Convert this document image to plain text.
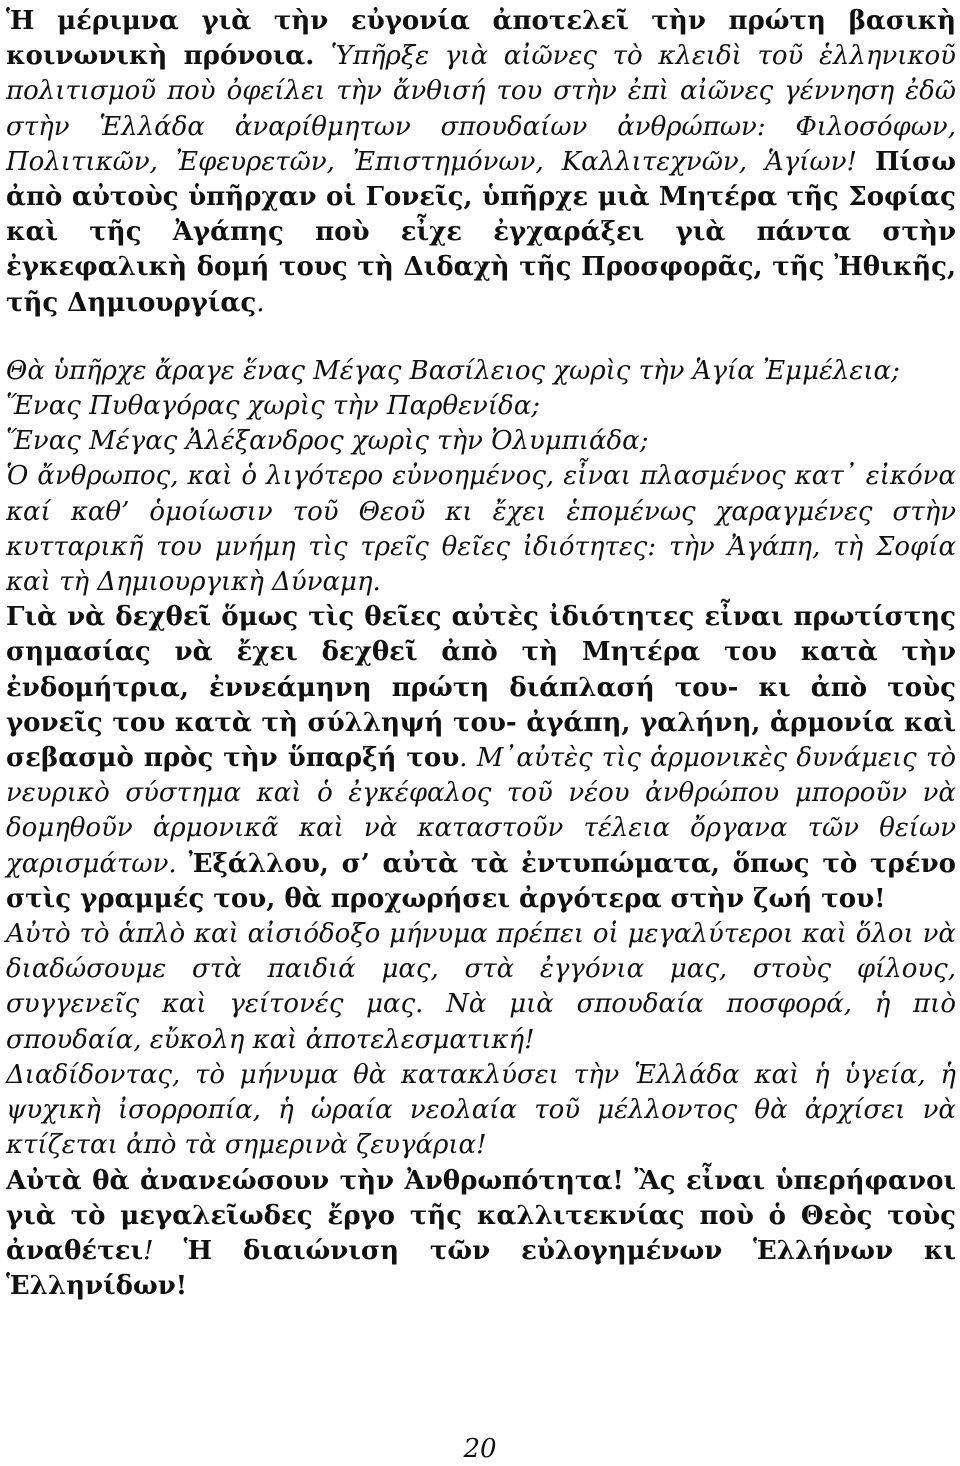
Ἡ μέριμνα γιὰ τὴν εὐγονία ἀποτελεῖ τὴν πρώτη βασικὴ κοινωνικὴ πρόνοια. Ὑπῆρξε γιὰ αἰῶνες τὸ κλειδὶ τοῦ ἑλληνικοῦ πολιτισμοῦ ποὺ ὀφείλει τὴν ἄνθισή του στὴν ἐπὶ αἰῶνες γέννηση ἐδῶ στὴν Ἑλλάδα ἀναρίθμητων σπουδαίων ἀνθρώπων: Φιλοσόφων, Πολιτικῶν, Ἐφευρετῶν, Ἐπιστημόνων, Καλλιτεχνῶν, Ἁγίων! Πίσω ἀπὸ αὐτοὺς ὑπῆρχαν οἱ Γονεῖς, ὑπῆρχε μιὰ Μητέρα τῆς Σοφίας καὶ τῆς Ἀγάπης ποὺ εἶχε ἐγχαράξει γιὰ πάντα στὴν ἐγκεφαλικὴ δομή τους τὴ Διδαχὴ τῆς Προσφορᾶς, τῆς Ἠθικῆς, τῆς Δημιουργίας.

Θὰ ὑπῆρχε ἄραγε ἕνας Μέγας Βασίλειος χωρὶς τὴν Ἁγία Ἐμμέλεια;

Ἕνας Πυθαγόρας χωρὶς τὴν Παρθενίδα;

Ἕνας Μέγας Ἀλέξανδρος χωρὶς τὴν Ὀλυμπιάδα;

Ὁ ἄνθρωπος, καὶ ὁ λιγότερο εὐνοημένος, εἶναι πλασμένος κατ᾽ εἰκόνα καί καθ’ ὁμοίωσιν τοῦ Θεοῦ κι ἔχει ἑπομένως χαραγμένες στὴν κυτταρικῆ του μνήμη τὶς τρεῖς θεῖες ἰδιότητες: τὴν Ἀγάπη, τὴ Σοφία καὶ τὴ Δημιουργικὴ Δύναμη.

Γιὰ νὰ δεχθεῖ ὅμως τὶς θεῖες αὐτὲς ἰδιότητες εἶναι πρωτίστης σημασίας νὰ ἔχει δεχθεῖ ἀπὸ τὴ Μητέρα του κατὰ τὴν ἐνδομήτρια, ἐννεάμηνη πρώτη διάπλασή του- κι ἀπὸ τοὺς γονεῖς του κατὰ τὴ σύλληψή του- ἀγάπη, γαλήνη, ἁρμονία καὶ σεβασμὸ πρὸς τὴν ὕπαρξή του. Μ᾽αὐτὲς τὶς ἁρμονικὲς δυνάμεις τὸ νευρικὸ σύστημα καὶ ὁ ἐγκέφαλος τοῦ νέου ἀνθρώπου μποροῦν νὰ δομηθοῦν ἁρμονικᾶ καὶ νὰ καταστοῦν τέλεια ὄργανα τῶν θείων χαρισμάτων. Ἐξάλλου, σ’ αὐτὰ τὰ ἐντυπώματα, ὅπως τὸ τρένο στὶς γραμμές του, θὰ προχωρήσει ἀργότερα στὴν ζωή του!

Αὐτὸ τὸ ἁπλὸ καὶ αἰσιόδοξο μήνυμα πρέπει οἱ μεγαλύτεροι καὶ ὅλοι νὰ διαδώσουμε στὰ παιδιά μας, στὰ ἐγγόνια μας, στοὺς φίλους, συγγενεῖς καὶ γείτονές μας. Νὰ μιὰ σπουδαία ποσφορά, ἡ πιὸ σπουδαία, εὔκολη καὶ ἀποτελεσματική!

Διαδίδοντας, τὸ μήνυμα θὰ κατακλύσει τὴν Ἑλλάδα καὶ ἡ ὑγεία, ἡ ψυχικὴ ἰσορροπία, ἡ ὡραία νεολαία τοῦ μέλλοντος θὰ ἀρχίσει νὰ κτίζεται ἀπὸ τὰ σημερινὰ ζευγάρια!

Αὐτὰ θὰ ἀνανεώσουν τὴν Ἀνθρωπότητα! Ἂς εἶναι ὑπερήφανοι γιὰ τὸ μεγαλεῖωδες ἔργο τῆς καλλιτεκνίας ποὺ ὁ Θεὸς τοὺς ἀναθέτει! Ἡ διαιώνιση τῶν εὐλογημένων Ἑλλήνων κι Ἑλληνίδων!

20
